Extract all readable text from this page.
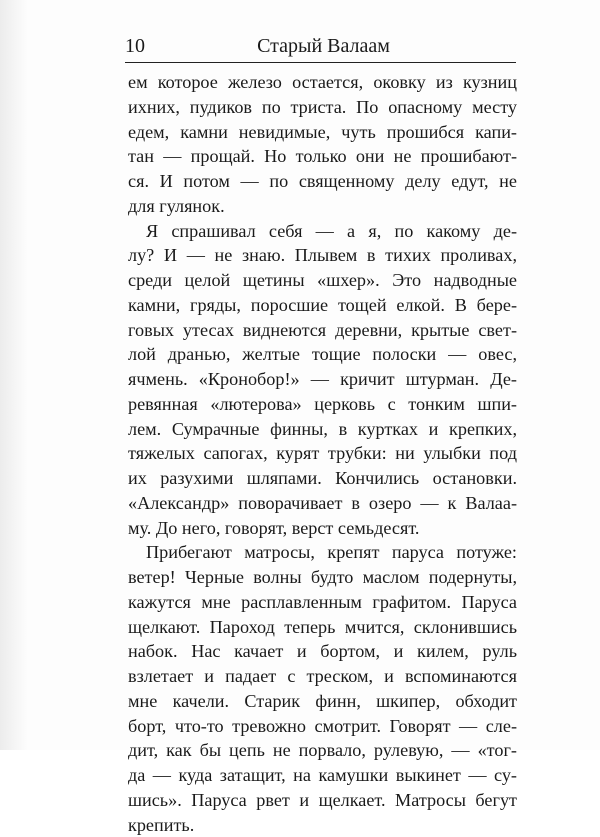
10	Старый Валаам
ем которое железо остается, оковку из кузниц
ихних, пудиков по триста. По опасному месту
едем, камни невидимые, чуть прошибся капи-
тан — прощай. Но только они не прошибают-
ся. И потом — по священному делу едут, не
для гулянок.
Я спрашивал себя — а я, по какому де-
лу? И — не знаю. Плывем в тихих проливах,
среди целой щетины «шхер». Это надводные
камни, гряды, поросшие тощей елкой. В бере-
говых утесах виднеются деревни, крытые свет-
лой дранью, желтые тощие полоски — овес,
ячмень. «Кронобор!» — кричит штурман. Де-
ревянная «лютерова» церковь с тонким шпи-
лем. Сумрачные финны, в куртках и крепких,
тяжелых сапогах, курят трубки: ни улыбки под
их разухими шляпами. Кончились остановки.
«Александр» поворачивает в озеро — к Валаа-
му. До него, говорят, верст семьдесят.
Прибегают матросы, крепят паруса потуже:
ветер! Черные волны будто маслом подернуты,
кажутся мне расплавленным графитом. Паруса
щелкают. Пароход теперь мчится, склонившись
набок. Нас качает и бортом, и килем, руль
взлетает и падает с треском, и вспоминаются
мне качели. Старик финн, шкипер, обходит
борт, что-то тревожно смотрит. Говорят — сле-
дит, как бы цепь не порвало, рулевую, — «тог-
да — куда затащит, на камушки выкинет — су-
шись». Паруса рвет и щелкает. Матросы бегут
крепить.
